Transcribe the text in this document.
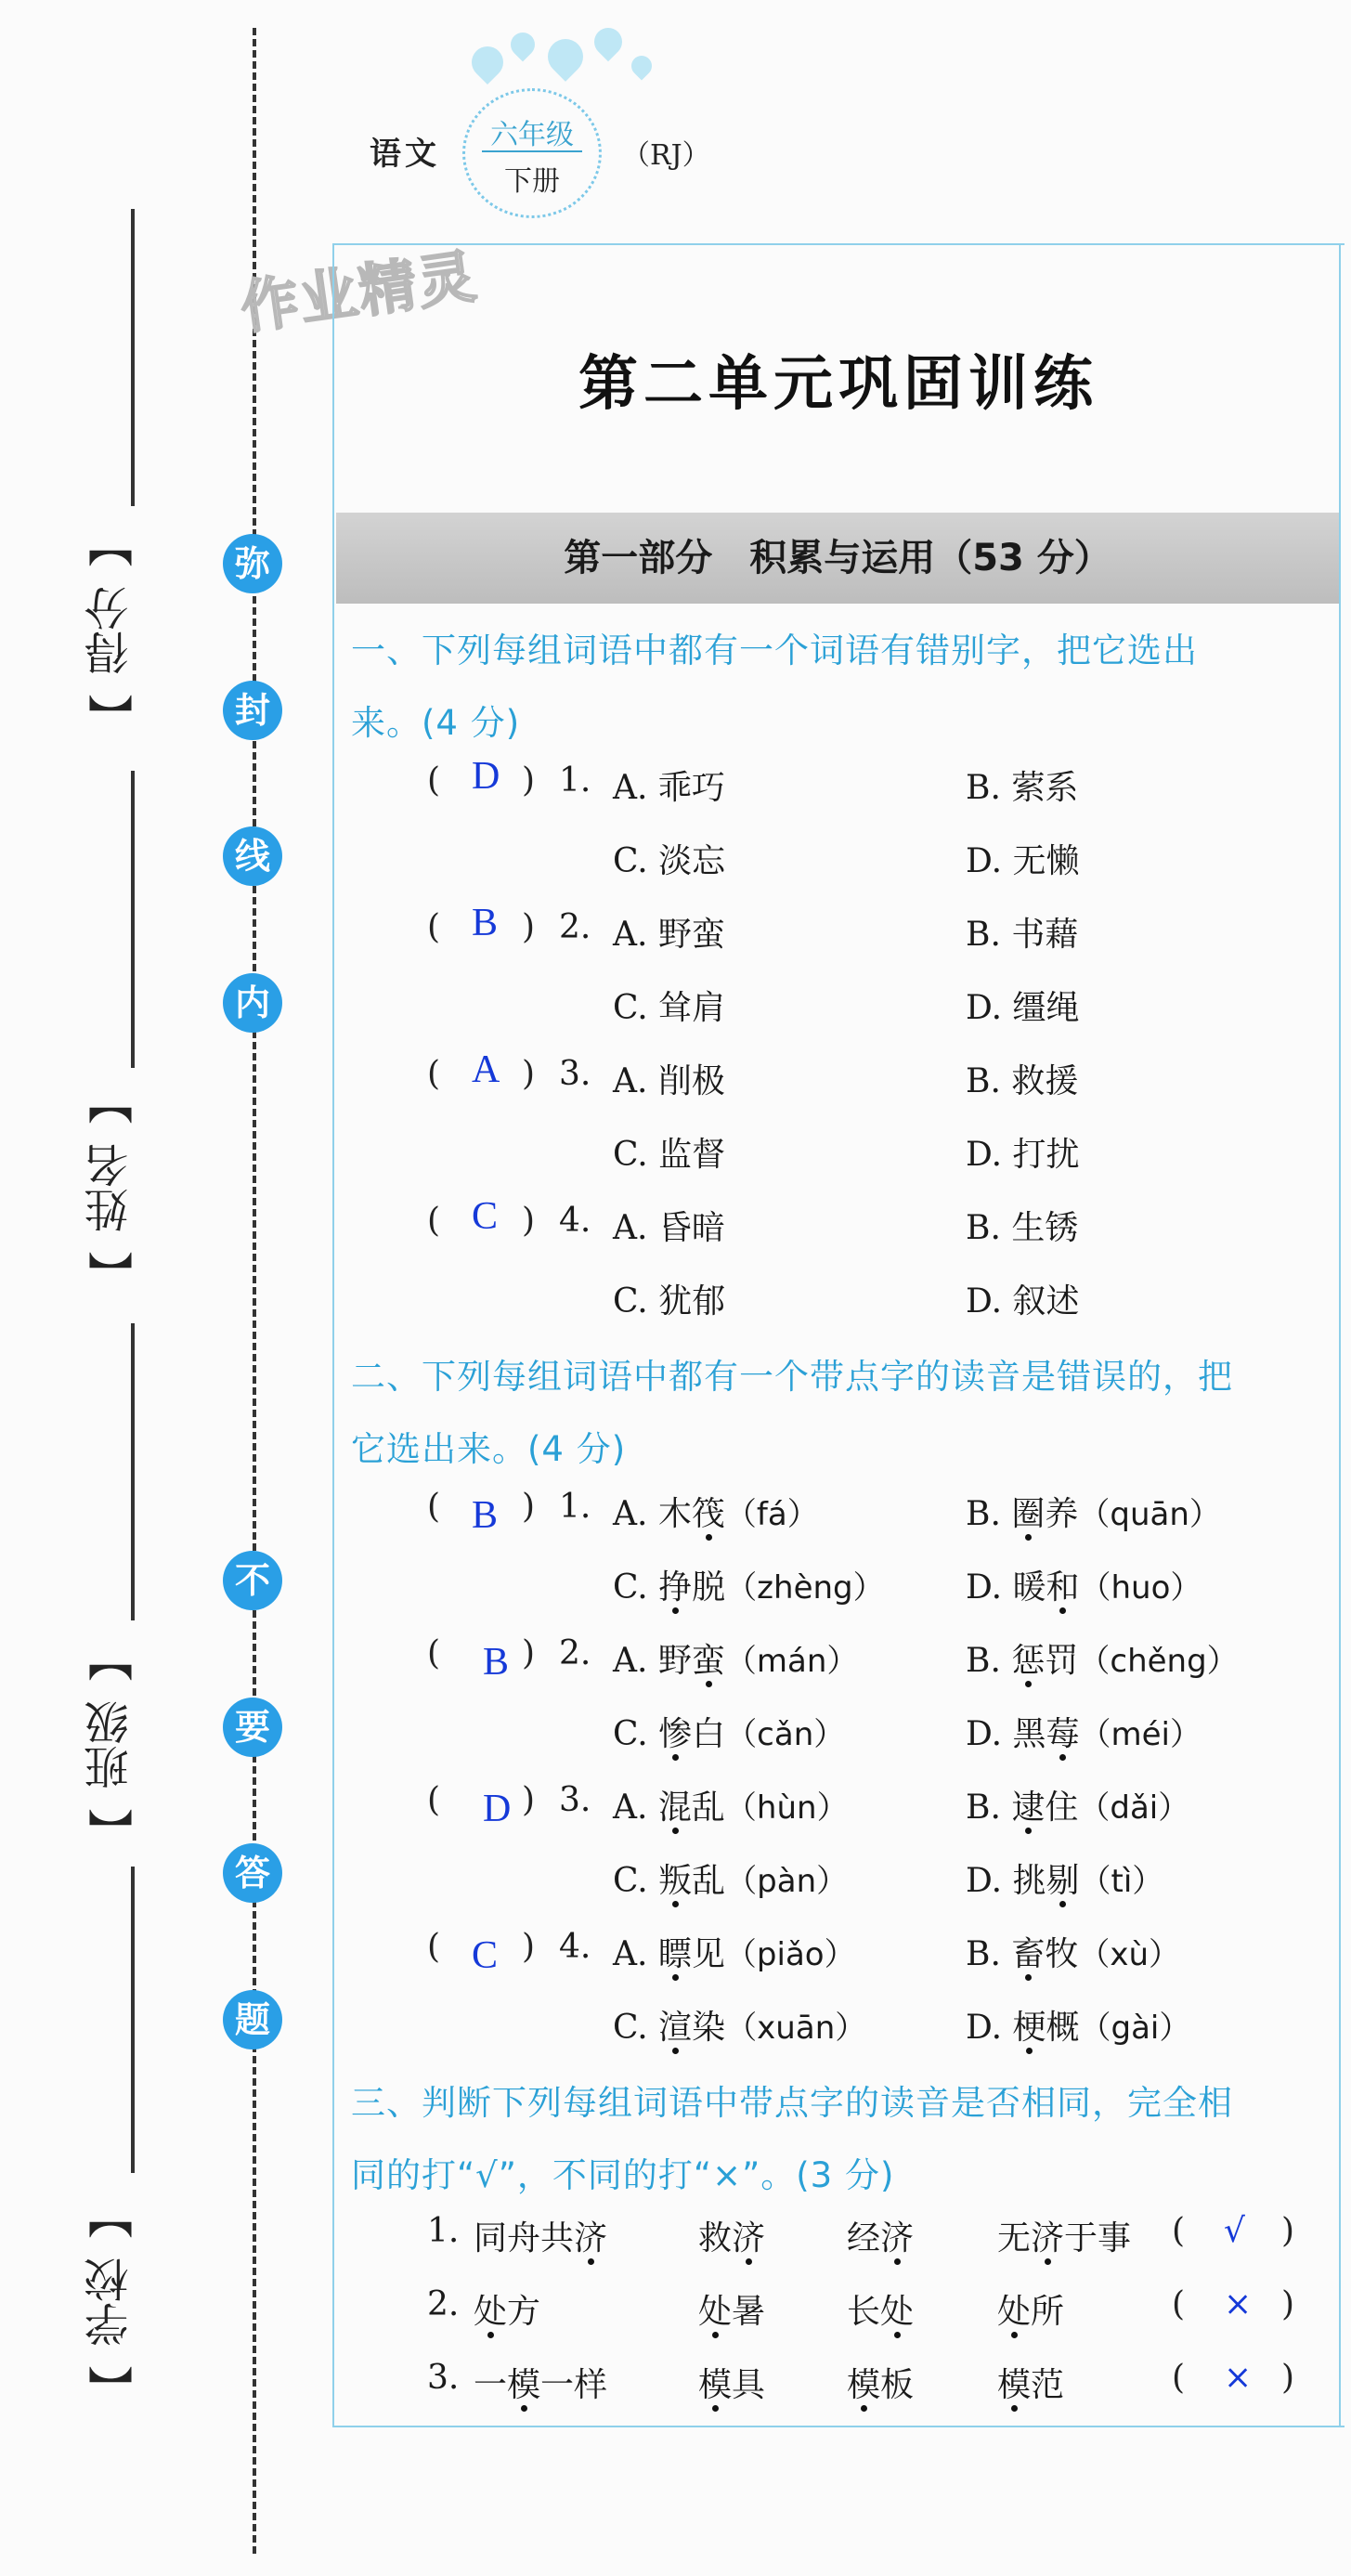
【
得分
】
【
姓名
】
【
班级
】
【
学校
】
弥
封
线
内
不
要
答
题
语文
六年级
下册
（RJ）
作业精灵
第二单元巩固训练
第一部分　积累与运用（53 分）
一、下列每组词语中都有一个词语有错别字，把它选出
来。(4 分)
( D ) 1. A. 乖巧	B. 萦系
C. 淡忘	D. 无懒
( B ) 2. A. 野蛮	B. 书藉
C. 耸肩	D. 缰绳
( A ) 3. A. 削极	B. 救援
C. 监督	D. 打扰
( C ) 4. A. 昏暗	B. 生锈
C. 犹郁	D. 叙述
二、下列每组词语中都有一个带点字的读音是错误的，把
它选出来。(4 分)
( B ) 1. A. 木筏（fá）	B. 圈养（quān）
C. 挣脱（zhèng） D. 暖和（huo）
( B ) 2. A. 野蛮（mán）	B. 惩罚（chěng）
C. 惨白（cǎn）	D. 黑莓（méi）
( D ) 3. A. 混乱（hùn）	B. 逮住（dǎi）
C. 叛乱（pàn）	D. 挑剔（tì）
( C ) 4. A. 瞟见（piǎo）	B. 畜牧（xù）
C. 渲染（xuān）	D. 梗概（gài）
三、判断下列每组词语中带点字的读音是否相同，完全相
同的打“√”，不同的打“×”。(3 分)
1. 同舟共济	救济 经济 无济于事 ( √ )
2. 处方	处暑 长处 处所	( × )
3. 一模一样	模具 模板 模范	( × )
